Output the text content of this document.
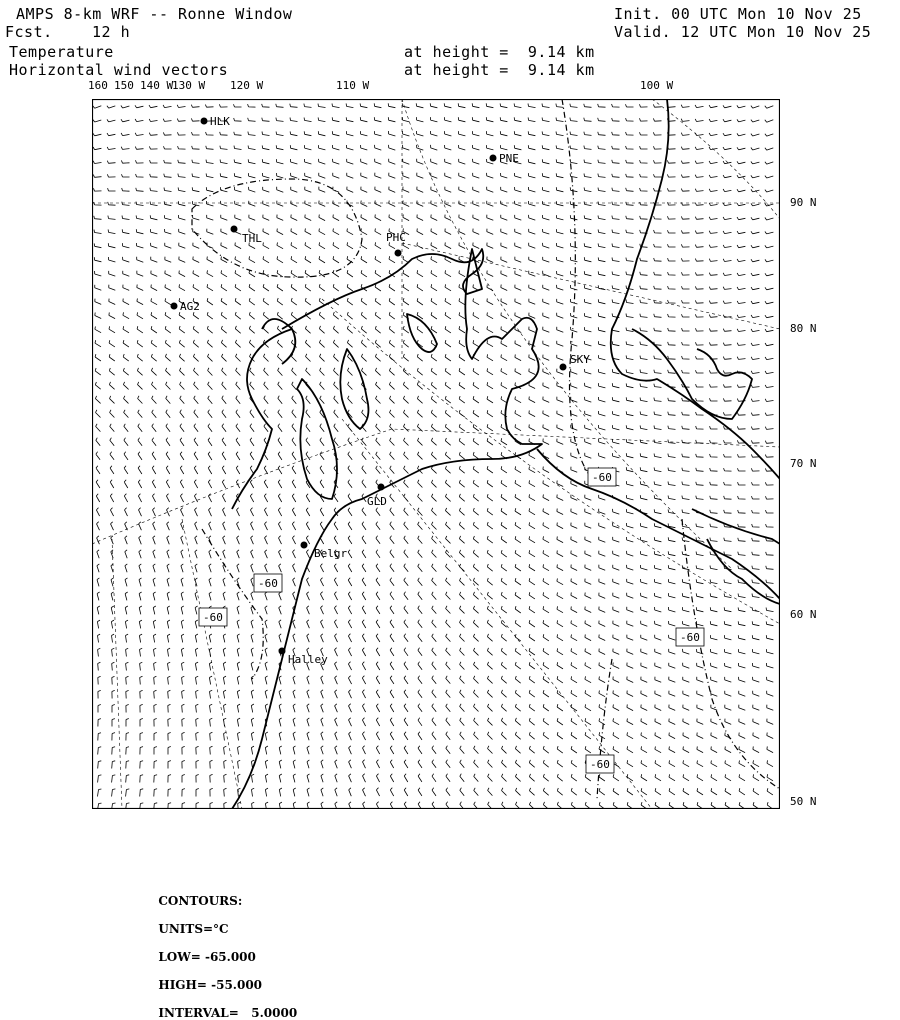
AMPS 8-km WRF -- Ronne Window
Fcst.	12 h
Init. 00 UTC Mon 10 Nov 25
Valid. 12 UTC Mon 10 Nov 25
Temperature
Horizontal wind vectors
at height =  9.14 km
at height =  9.14 km
160 150 140 W
130 W 120 W	110 W	100 W
90 N
80 N
70 N
60 N
50 N
HLK
PNE
THL	PHC
AG2
SKY
GLD
Belgr
Halley
-60
-60
-60
-60
-60

CONTOURS:

UNITS=°C

LOW= -65.000

HIGH= -55.000

INTERVAL=   5.0000
